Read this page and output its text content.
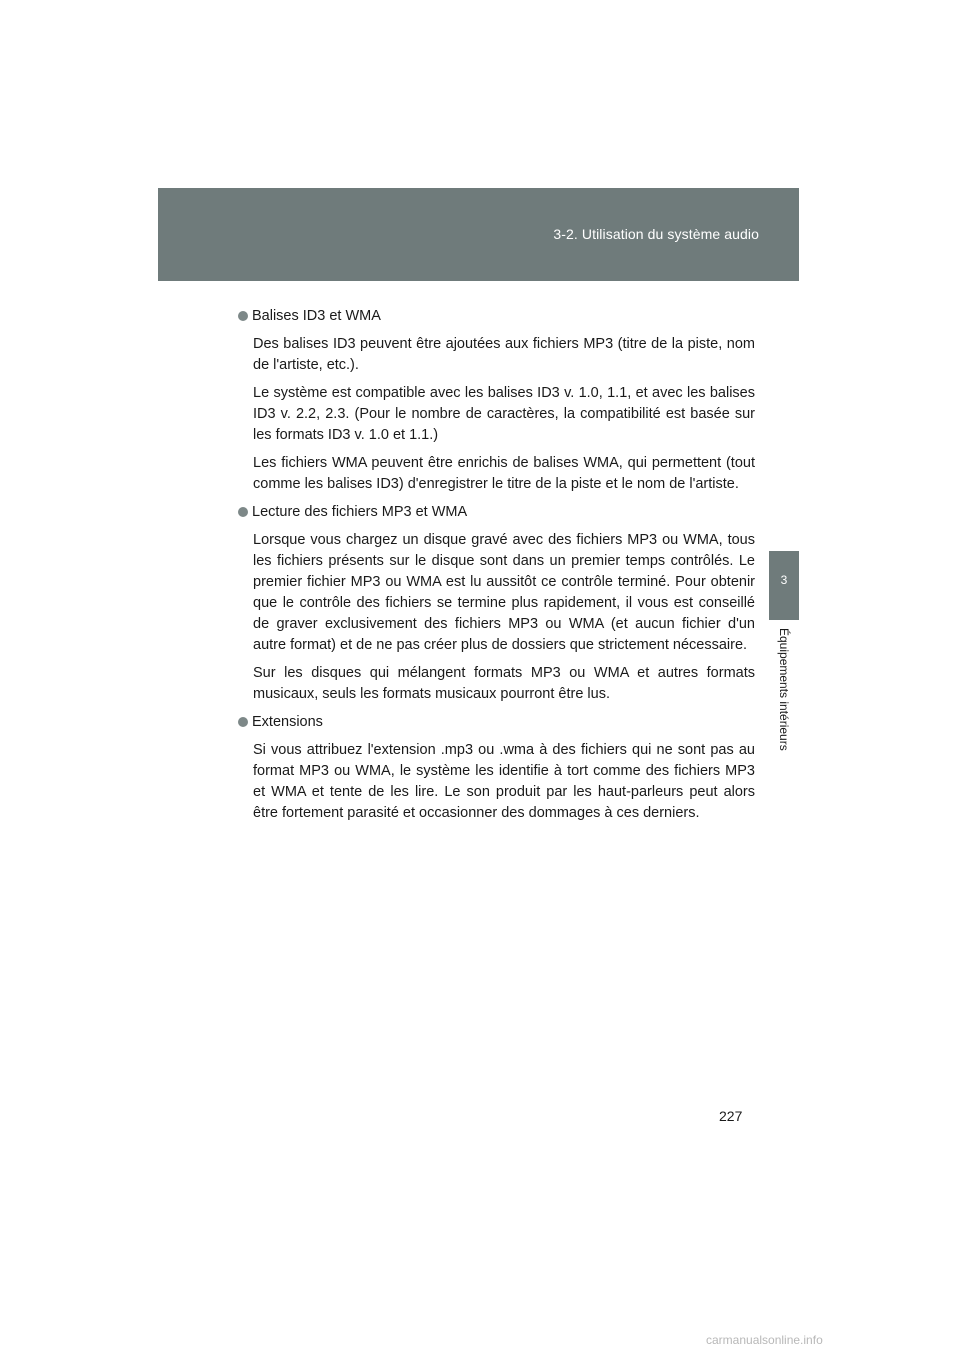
3-2. Utilisation du système audio
3
Équipements intérieurs
Balises ID3 et WMA

Des balises ID3 peuvent être ajoutées aux fichiers MP3 (titre de la piste, nom de l'artiste, etc.).

Le système est compatible avec les balises ID3 v. 1.0, 1.1, et avec les balises ID3 v. 2.2, 2.3. (Pour le nombre de caractères, la compatibilité est basée sur les formats ID3 v. 1.0 et 1.1.)

Les fichiers WMA peuvent être enrichis de balises WMA, qui permettent (tout comme les balises ID3) d'enregistrer le titre de la piste et le nom de l'artiste.

Lecture des fichiers MP3 et WMA

Lorsque vous chargez un disque gravé avec des fichiers MP3 ou WMA, tous les fichiers présents sur le disque sont dans un premier temps contrôlés. Le premier fichier MP3 ou WMA est lu aussitôt ce contrôle terminé. Pour obtenir que le contrôle des fichiers se termine plus rapidement, il vous est conseillé de graver exclusivement des fichiers MP3 ou WMA (et aucun fichier d'un autre format) et de ne pas créer plus de dossiers que strictement nécessaire.

Sur les disques qui mélangent formats MP3 ou WMA et autres formats musicaux, seuls les formats musicaux pourront être lus.

Extensions

Si vous attribuez l'extension .mp3 ou .wma à des fichiers qui ne sont pas au format MP3 ou WMA, le système les identifie à tort comme des fichiers MP3 et WMA et tente de les lire. Le son produit par les haut-parleurs peut alors être fortement parasité et occasionner des dommages à ces derniers.

227
carmanualsonline.info
